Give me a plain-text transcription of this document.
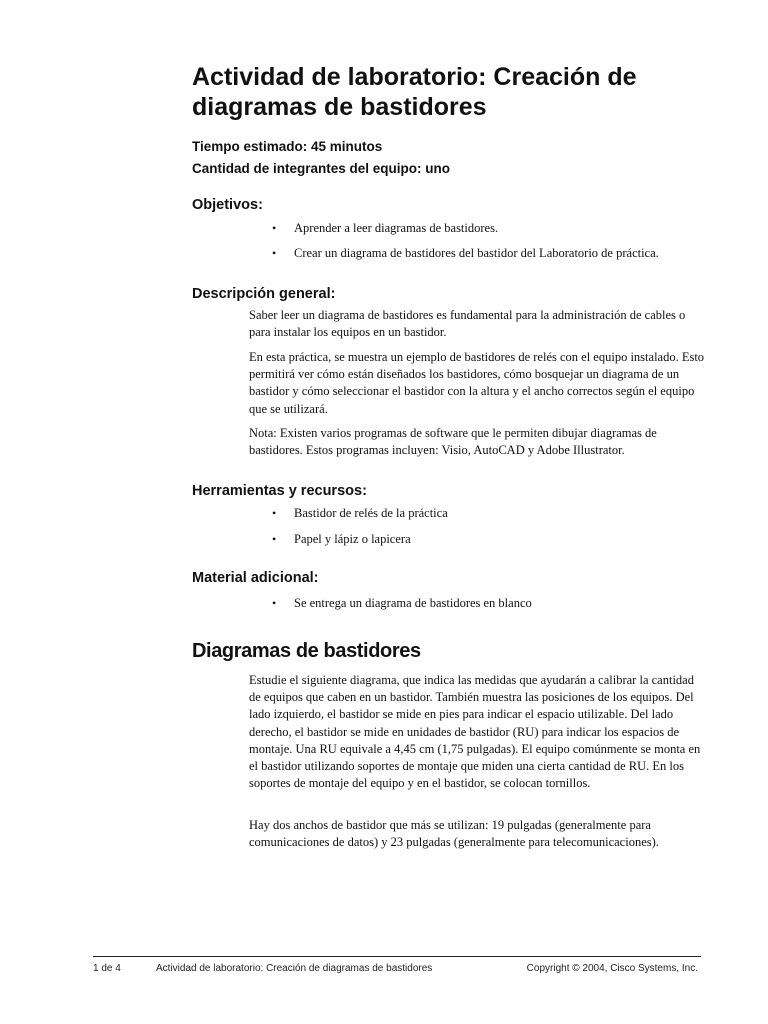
Actividad de laboratorio: Creación de diagramas de bastidores
Tiempo estimado: 45 minutos
Cantidad de integrantes del equipo: uno
Objetivos:
• Aprender a leer diagramas de bastidores.
• Crear un diagrama de bastidores del bastidor del Laboratorio de práctica.
Descripción general:

Saber leer un diagrama de bastidores es fundamental para la administración de cables o para instalar los equipos en un bastidor.

En esta práctica, se muestra un ejemplo de bastidores de relés con el equipo instalado. Esto permitirá ver cómo están diseñados los bastidores, cómo bosquejar un diagrama de un bastidor y cómo seleccionar el bastidor con la altura y el ancho correctos según el equipo que se utilizará.

Nota: Existen varios programas de software que le permiten dibujar diagramas de bastidores. Estos programas incluyen: Visio, AutoCAD y Adobe Illustrator.

Herramientas y recursos:
• Bastidor de relés de la práctica
• Papel y lápiz o lapicera
Material adicional:
• Se entrega un diagrama de bastidores en blanco
Diagramas de bastidores

Estudie el siguiente diagrama, que indica las medidas que ayudarán a calibrar la cantidad de equipos que caben en un bastidor. También muestra las posiciones de los equipos. Del lado izquierdo, el bastidor se mide en pies para indicar el espacio utilizable. Del lado derecho, el bastidor se mide en unidades de bastidor (RU) para indicar los espacios de montaje. Una RU equivale a 4,45 cm (1,75 pulgadas). El equipo comúnmente se monta en el bastidor utilizando soportes de montaje que miden una cierta cantidad de RU. En los soportes de montaje del equipo y en el bastidor, se colocan tornillos.

Hay dos anchos de bastidor que más se utilizan: 19 pulgadas (generalmente para comunicaciones de datos) y 23 pulgadas (generalmente para telecomunicaciones).

1 de 4	Actividad de laboratorio: Creación de diagramas de bastidores	Copyright © 2004, Cisco Systems, Inc.
